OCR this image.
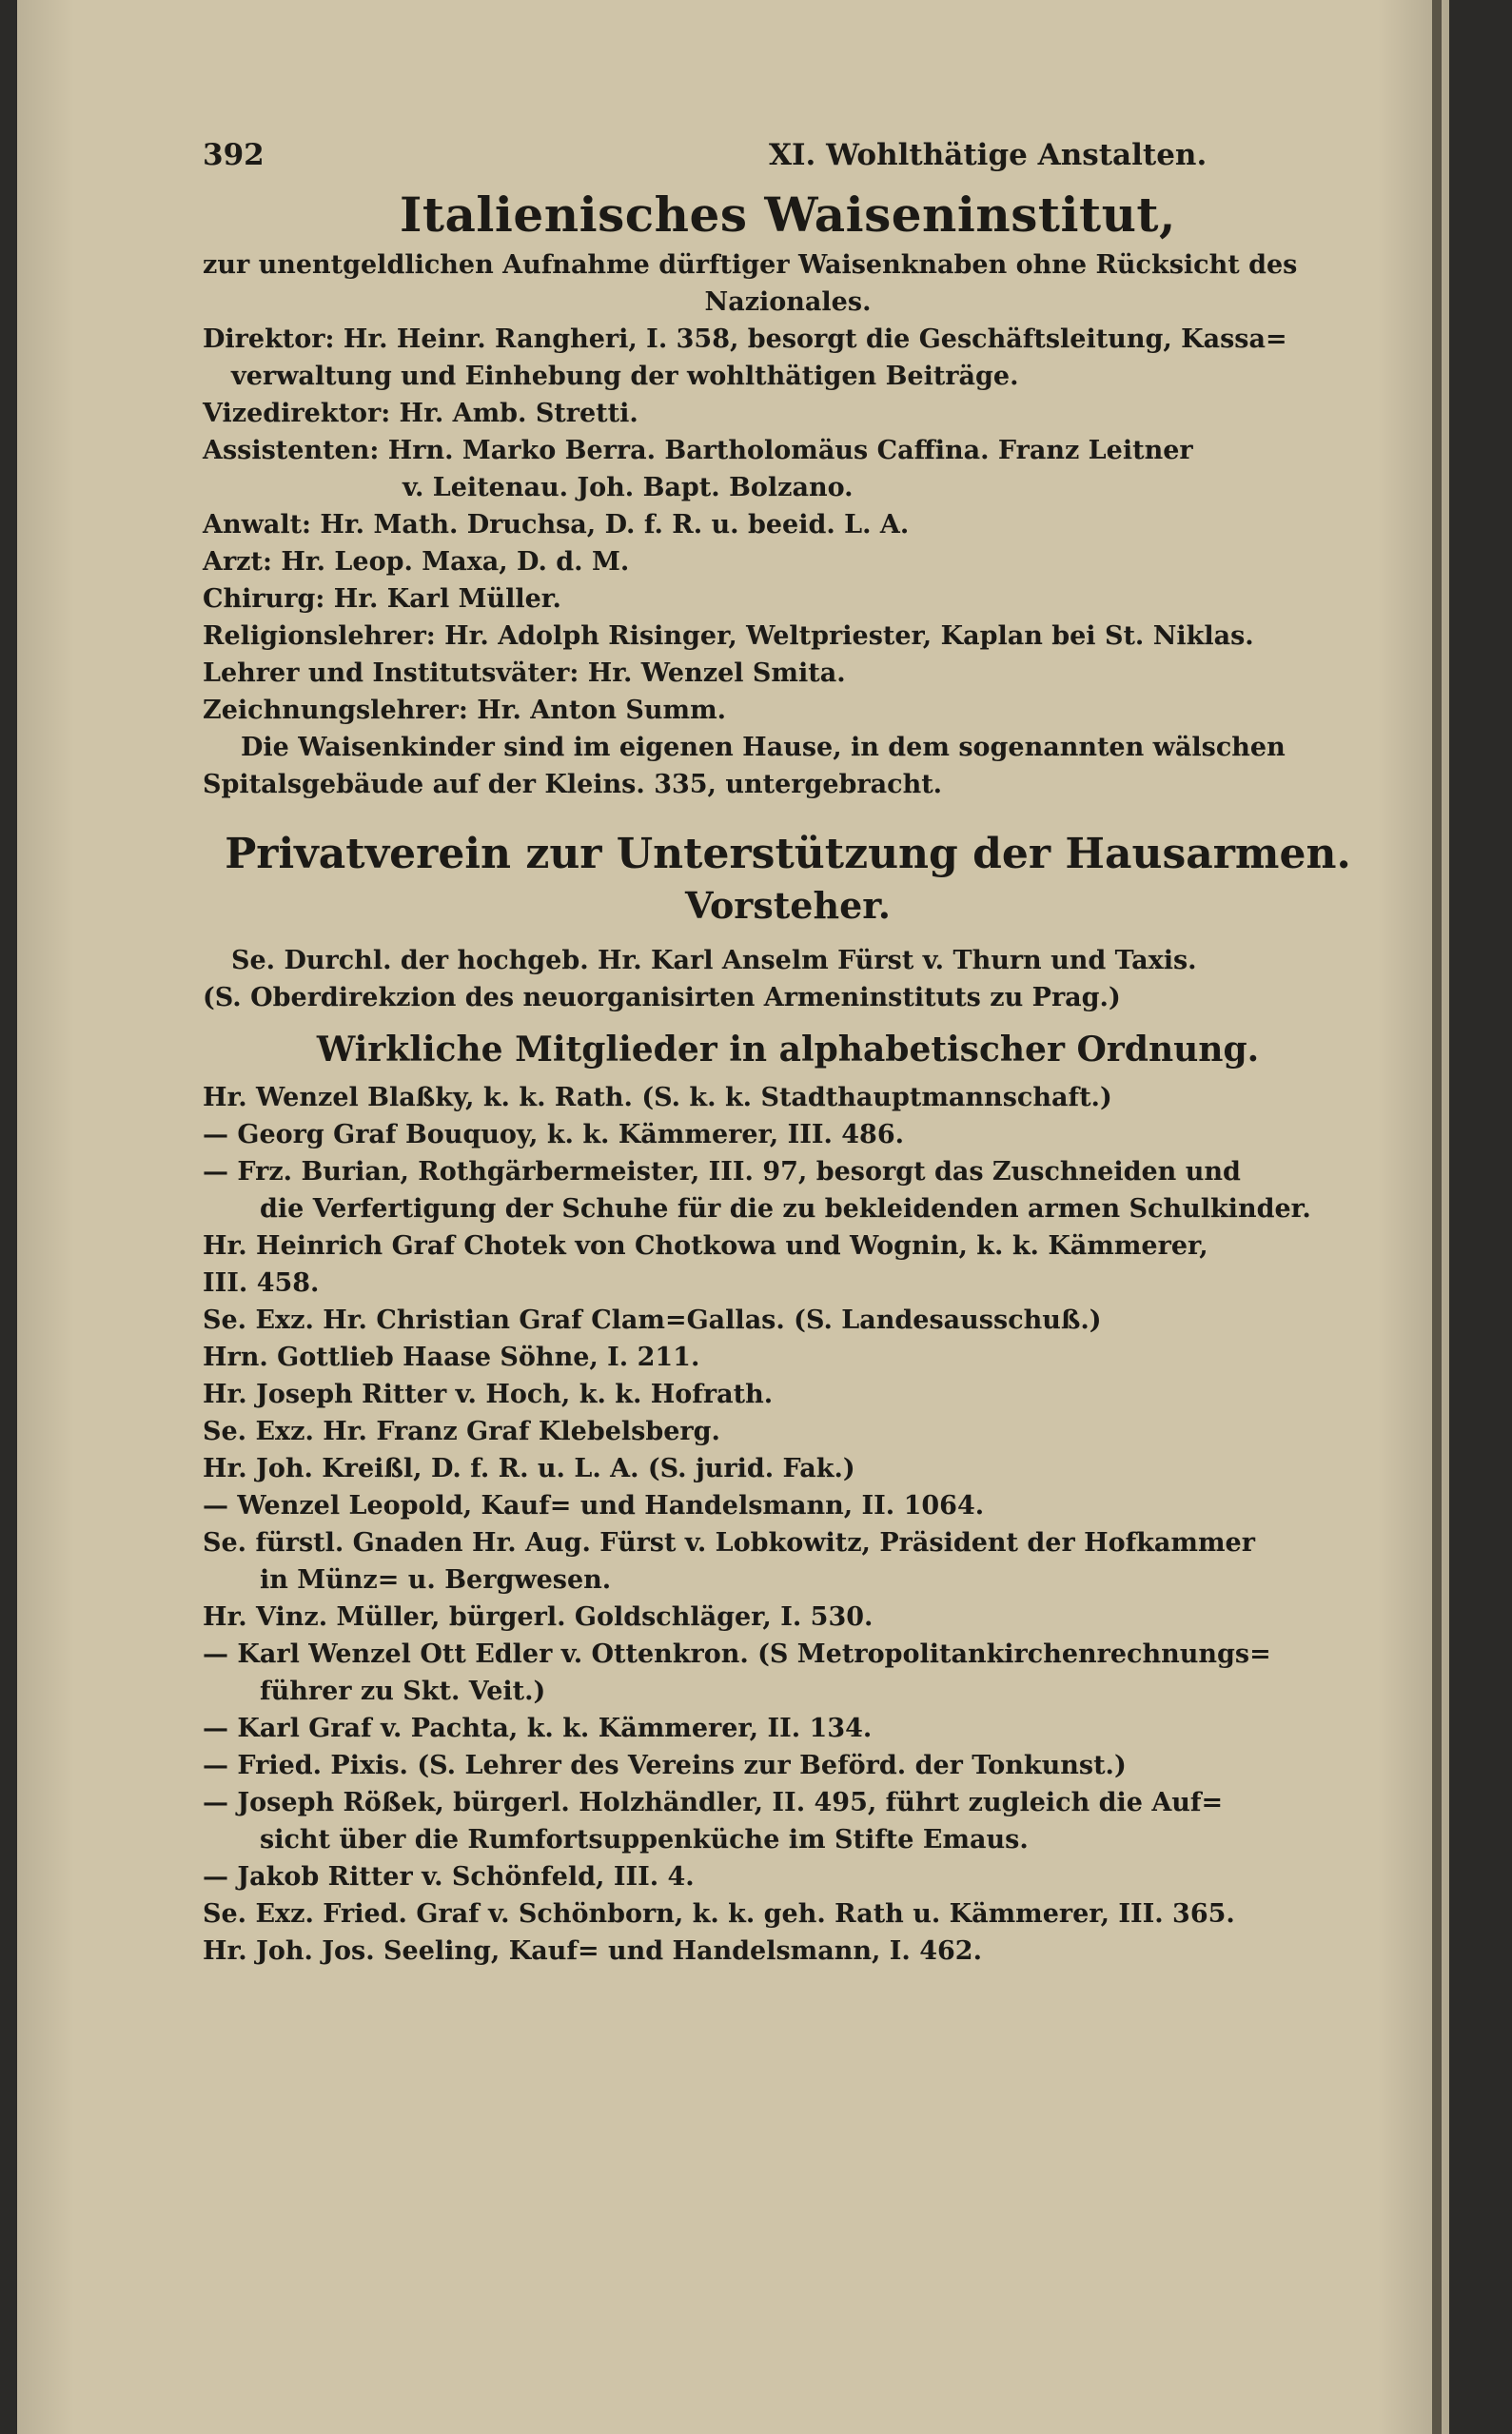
392	XI. Wohlthätige Anstalten.
Italienisches Waiseninstitut,
zur unentgeldlichen Aufnahme dürftiger Waisenknaben ohne Rücksicht des
Nazionales.
Direktor: Hr. Heinr. Rangheri, I. 358, besorgt die Geschäftsleitung, Kassa=
verwaltung und Einhebung der wohlthätigen Beiträge.
Vizedirektor: Hr. Amb. Stretti.
Assistenten: Hrn. Marko Berra. Bartholomäus Caffina. Franz Leitner
v. Leitenau. Joh. Bapt. Bolzano.
Anwalt: Hr. Math. Druchsa, D. f. R. u. beeid. L. A.
Arzt: Hr. Leop. Maxa, D. d. M.
Chirurg: Hr. Karl Müller.
Religionslehrer: Hr. Adolph Risinger, Weltpriester, Kaplan bei St. Niklas.
Lehrer und Institutsväter: Hr. Wenzel Smita.
Zeichnungslehrer: Hr. Anton Summ.
Die Waisenkinder sind im eigenen Hause, in dem sogenannten wälschen
Spitalsgebäude auf der Kleins. 335, untergebracht.
Privatverein zur Unterstützung der Hausarmen.
Vorsteher.
Se. Durchl. der hochgeb. Hr. Karl Anselm Fürst v. Thurn und Taxis.
(S. Oberdirekzion des neuorganisirten Armeninstituts zu Prag.)
Wirkliche Mitglieder in alphabetischer Ordnung.
Hr. Wenzel Blaßky, k. k. Rath. (S. k. k. Stadthauptmannschaft.)
— Georg Graf Bouquoy, k. k. Kämmerer, III. 486.
— Frz. Burian, Rothgärbermeister, III. 97, besorgt das Zuschneiden und
die Verfertigung der Schuhe für die zu bekleidenden armen Schulkinder.
Hr. Heinrich Graf Chotek von Chotkowa und Wognin, k. k. Kämmerer,
III. 458.
Se. Exz. Hr. Christian Graf Clam=Gallas. (S. Landesausschuß.)
Hrn. Gottlieb Haase Söhne, I. 211.
Hr. Joseph Ritter v. Hoch, k. k. Hofrath.
Se. Exz. Hr. Franz Graf Klebelsberg.
Hr. Joh. Kreißl, D. f. R. u. L. A. (S. jurid. Fak.)
— Wenzel Leopold, Kauf= und Handelsmann, II. 1064.
Se. fürstl. Gnaden Hr. Aug. Fürst v. Lobkowitz, Präsident der Hofkammer
in Münz= u. Bergwesen.
Hr. Vinz. Müller, bürgerl. Goldschläger, I. 530.
— Karl Wenzel Ott Edler v. Ottenkron. (S Metropolitankirchenrechnungs=
führer zu Skt. Veit.)
— Karl Graf v. Pachta, k. k. Kämmerer, II. 134.
— Fried. Pixis. (S. Lehrer des Vereins zur Beförd. der Tonkunst.)
— Joseph Rößek, bürgerl. Holzhändler, II. 495, führt zugleich die Auf=
sicht über die Rumfortsuppenküche im Stifte Emaus.
— Jakob Ritter v. Schönfeld, III. 4.
Se. Exz. Fried. Graf v. Schönborn, k. k. geh. Rath u. Kämmerer, III. 365.
Hr. Joh. Jos. Seeling, Kauf= und Handelsmann, I. 462.
